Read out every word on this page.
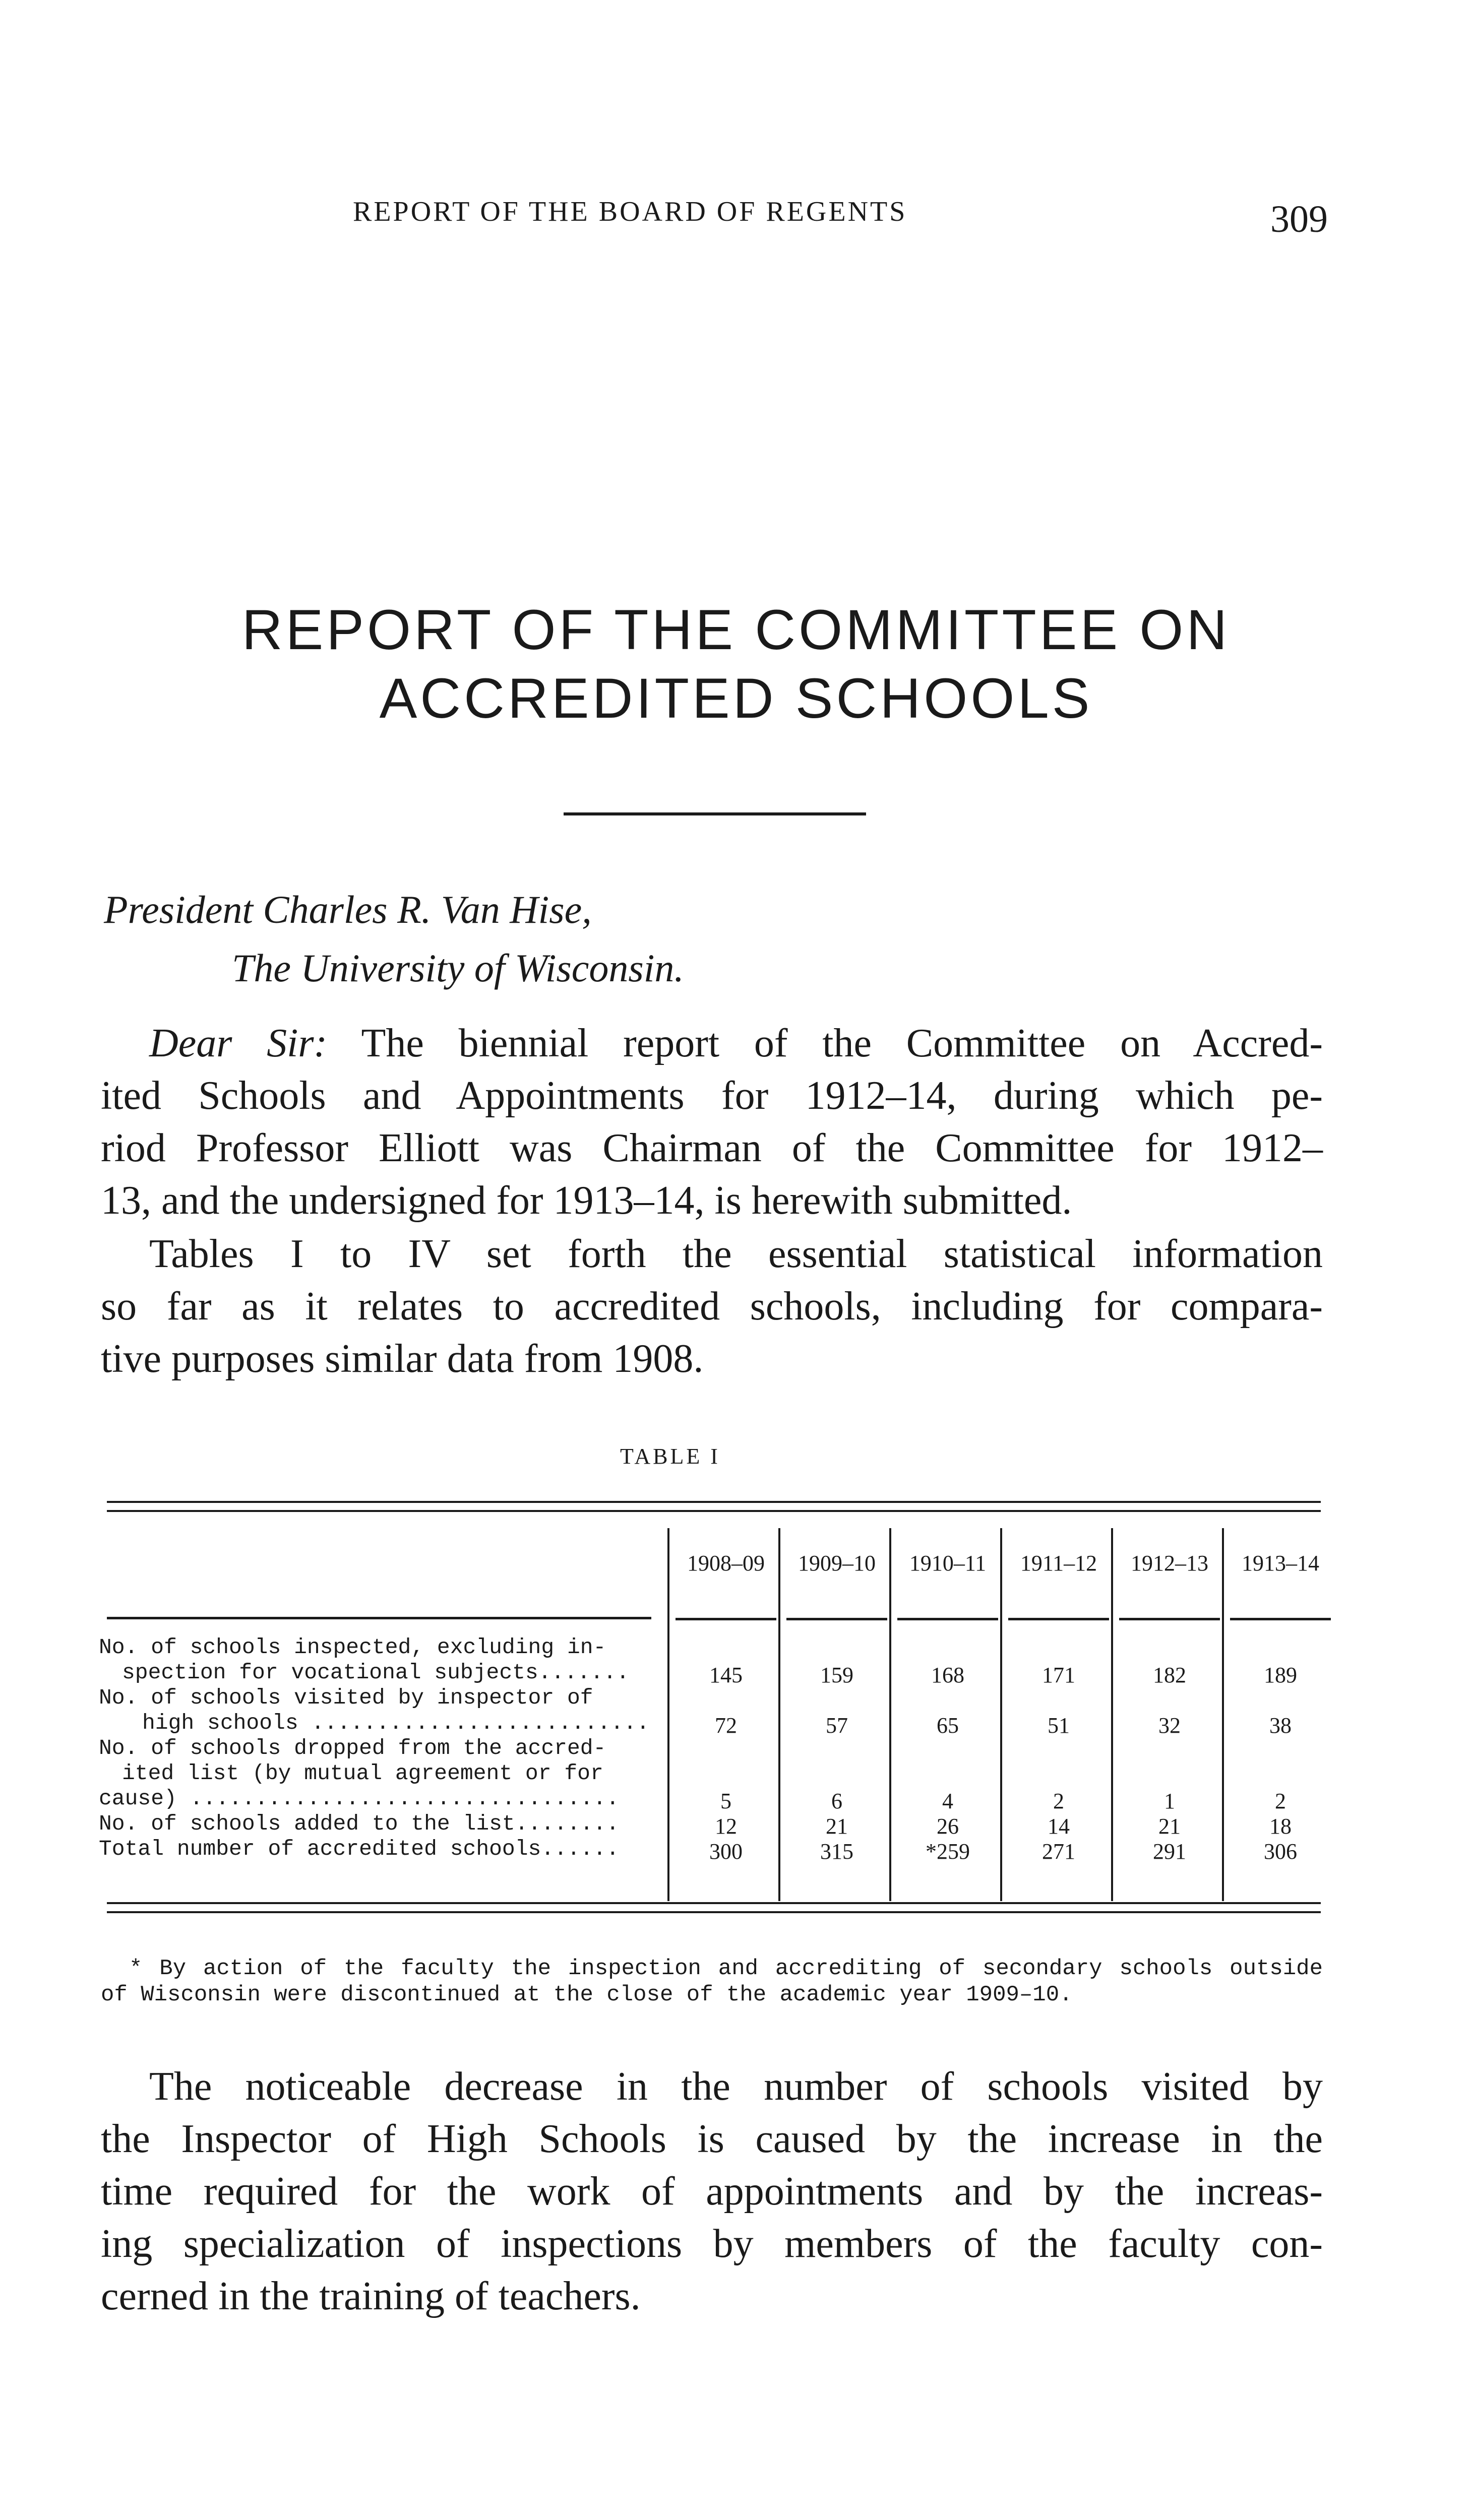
REPORT OF THE BOARD OF REGENTS	309
REPORT OF THE COMMITTEE ON
ACCREDITED SCHOOLS
President Charles R. Van Hise,
The University of Wisconsin.
Dear Sir: The biennial report of the Committee on Accred-
ited Schools and Appointments for 1912–14, during which pe-
riod Professor Elliott was Chairman of the Committee for 1912–
13, and the undersigned for 1913–14, is herewith submitted.
Tables I to IV set forth the essential statistical information
so far as it relates to accredited schools, including for compara-
tive purposes similar data from 1908.
TABLE I
1908–09	1909–10	1910–11	1911–12	1912–13	1913–14
No. of schools inspected, excluding in-
spection for vocational subjects.......	145	159	168	171	182	189
No. of schools visited by inspector of
high schools ..........................	72	57	65	51	32	38
No. of schools dropped from the accred-
ited list (by mutual agreement or for
cause) .................................	5	6	4	2	1	2
No. of schools added to the list........	12	21	26	14	21	18
Total number of accredited schools......	300	315	*259	271	291	306
* By action of the faculty the inspection and accrediting of secondary schools outside
of Wisconsin were discontinued at the close of the academic year 1909–10.
The noticeable decrease in the number of schools visited by
the Inspector of High Schools is caused by the increase in the
time required for the work of appointments and by the increas-
ing specialization of inspections by members of the faculty con-
cerned in the training of teachers.
